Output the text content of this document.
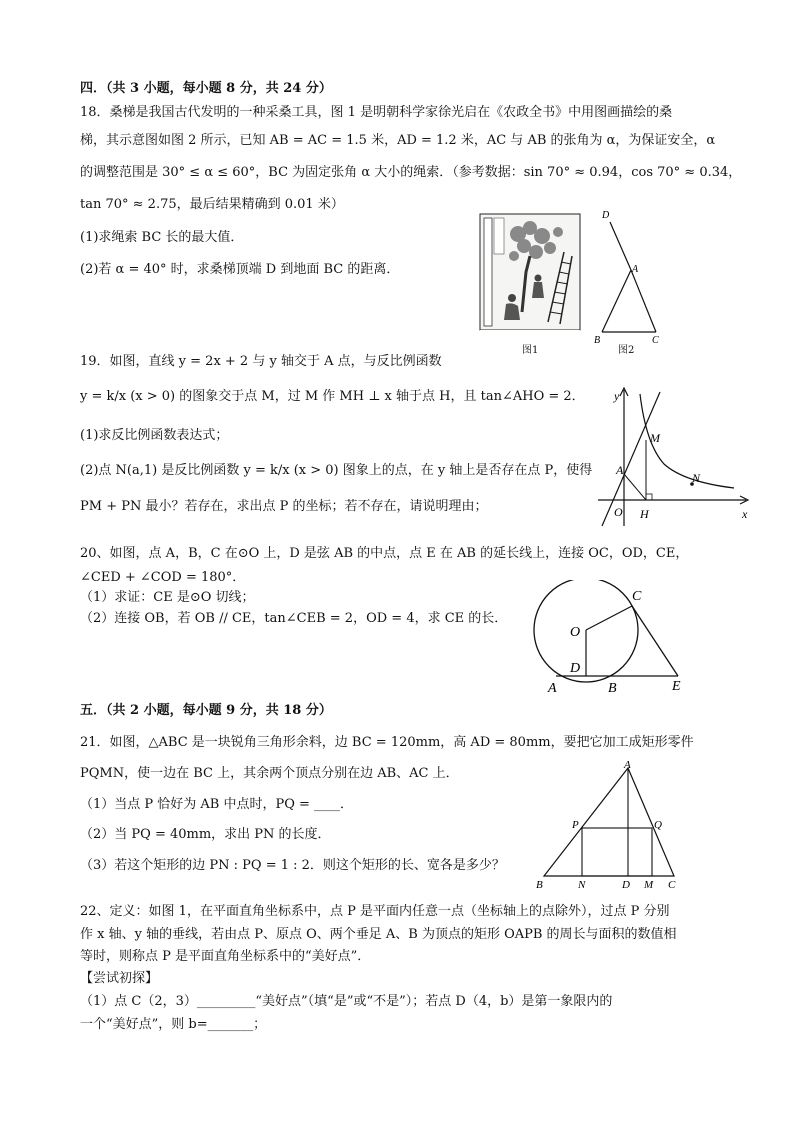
四．（共 3 小题，每小题 8 分，共 24 分）
18．桑梯是我国古代发明的一种采桑工具，图 1 是明朝科学家徐光启在《农政全书》中用图画描绘的桑
梯，其示意图如图 2 所示，已知 AB = AC = 1.5 米，AD = 1.2 米，AC 与 AB 的张角为 α，为保证安全，α
的调整范围是 30° ≤ α ≤ 60°，BC 为固定张角 α 大小的绳索．（参考数据：sin 70° ≈ 0.94，cos 70° ≈ 0.34，
tan 70° ≈ 2.75，最后结果精确到 0.01 米）
(1)求绳索 BC 长的最大值．
(2)若 α = 40° 时，求桑梯顶端 D 到地面 BC 的距离．
图1
D
A
B	C
图2
19．如图，直线 y = 2x + 2 与 y 轴交于 A 点，与反比例函数
y = k/x (x > 0) 的图象交于点 M，过 M 作 MH ⊥ x 轴于点 H，且 tan∠AHO = 2．
(1)求反比例函数表达式；
(2)点 N(a,1) 是反比例函数 y = k/x (x > 0) 图象上的点，在 y 轴上是否存在点 P，使得
PM + PN 最小？若存在，求出点 P 的坐标；若不存在，请说明理由；
y
x
M
A
N
O H
20、如图，点 A，B，C 在⊙O 上，D 是弦 AB 的中点，点 E 在 AB 的延长线上，连接 OC，OD，CE，
∠CED + ∠COD = 180°．
（1）求证：CE 是⊙O 切线；
（2）连接 OB，若 OB // CE，tan∠CEB = 2，OD = 4，求 CE 的长．
C
O
D
A	B	E
五．（共 2 小题，每小题 9 分，共 18 分）
21．如图，△ABC 是一块锐角三角形余料，边 BC = 120mm，高 AD = 80mm，要把它加工成矩形零件
PQMN，使一边在 BC 上，其余两个顶点分别在边 AB、AC 上．
（1）当点 P 恰好为 AB 中点时，PQ = ____．
（2）当 PQ = 40mm，求出 PN 的长度．
（3）若这个矩形的边 PN : PQ = 1 : 2．则这个矩形的长、宽各是多少？
A
P	Q
B	N	D M C
22、定义：如图 1，在平面直角坐标系中，点 P 是平面内任意一点（坐标轴上的点除外），过点 P 分别
作 x 轴、y 轴的垂线，若由点 P、原点 O、两个垂足 A、B 为顶点的矩形 OAPB 的周长与面积的数值相
等时，则称点 P 是平面直角坐标系中的“美好点”．
【尝试初探】
（1）点 C（2，3）_________“美好点”（填“是”或“不是”）；若点 D（4，b）是第一象限内的
一个“美好点”，则 b=_______；
